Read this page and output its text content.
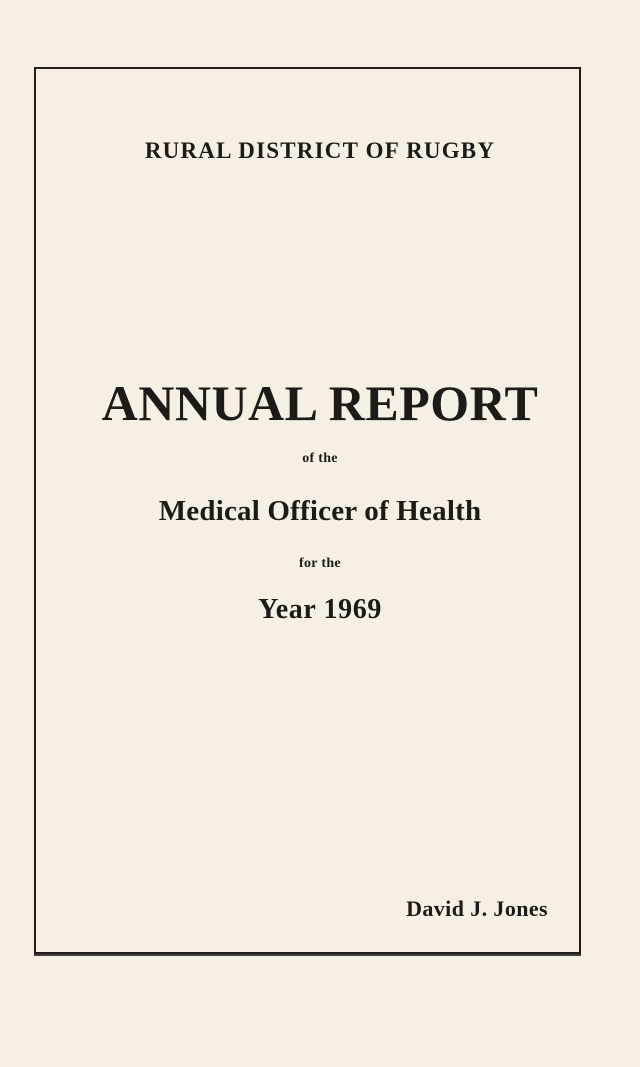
RURAL DISTRICT OF RUGBY
ANNUAL REPORT
of the
Medical Officer of Health
for the
Year 1969
David J. Jones
